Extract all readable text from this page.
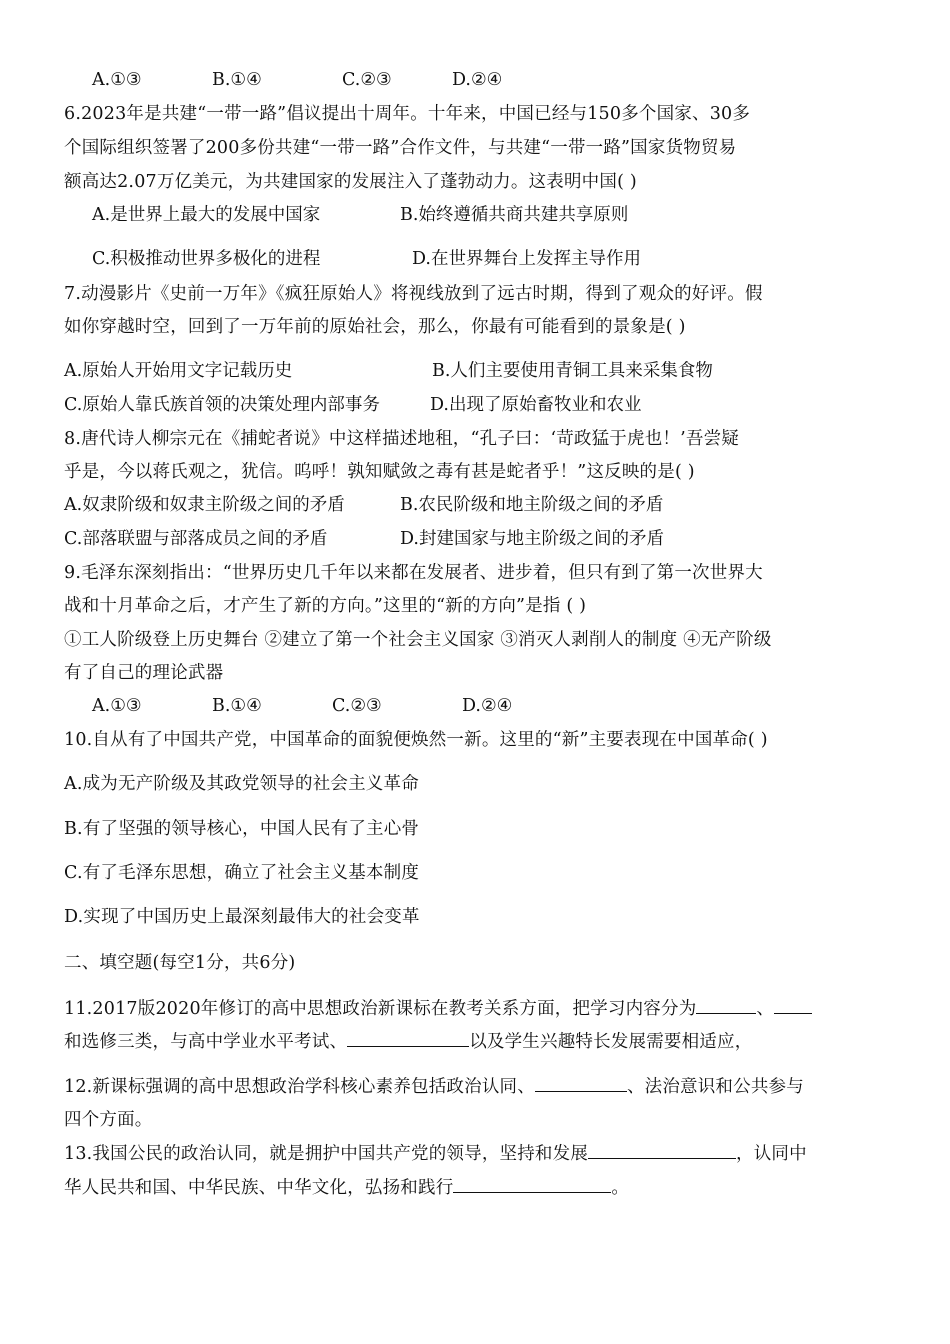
A.①③	B.①④	C.②③	D.②④
6.2023年是共建“一带一路”倡议提出十周年。十年来，中国已经与150多个国家、30多
个国际组织签署了200多份共建“一带一路”合作文件，与共建“一带一路”国家货物贸易
额高达2.07万亿美元，为共建国家的发展注入了蓬勃动力。这表明中国( )
A.是世界上最大的发展中国家	B.始终遵循共商共建共享原则
C.积极推动世界多极化的进程	D.在世界舞台上发挥主导作用
7.动漫影片《史前一万年》《疯狂原始人》将视线放到了远古时期，得到了观众的好评。假
如你穿越时空，回到了一万年前的原始社会，那么，你最有可能看到的景象是( )
A.原始人开始用文字记载历史	B.人们主要使用青铜工具来采集食物
C.原始人靠氏族首领的决策处理内部事务	D.出现了原始畜牧业和农业
8.唐代诗人柳宗元在《捕蛇者说》中这样描述地租，“孔子曰：‘苛政猛于虎也！’吾尝疑
乎是，今以蒋氏观之，犹信。呜呼！孰知赋敛之毒有甚是蛇者乎！”这反映的是( )
A.奴隶阶级和奴隶主阶级之间的矛盾	B.农民阶级和地主阶级之间的矛盾
C.部落联盟与部落成员之间的矛盾	D.封建国家与地主阶级之间的矛盾
9.毛泽东深刻指出：“世界历史几千年以来都在发展者、进步着，但只有到了第一次世界大
战和十月革命之后，才产生了新的方向。”这里的“新的方向”是指 ( )
①工人阶级登上历史舞台 ②建立了第一个社会主义国家 ③消灭人剥削人的制度 ④无产阶级
有了自己的理论武器
A.①③	B.①④	C.②③	D.②④
10.自从有了中国共产党，中国革命的面貌便焕然一新。这里的“新”主要表现在中国革命( )
A.成为无产阶级及其政党领导的社会主义革命
B.有了坚强的领导核心，中国人民有了主心骨
C.有了毛泽东思想，确立了社会主义基本制度
D.实现了中国历史上最深刻最伟大的社会变革
二、填空题(每空1分，共6分)
11.2017版2020年修订的高中思想政治新课标在教考关系方面，把学习内容分为	、
和选修三类，与高中学业水平考试、	以及学生兴趣特长发展需要相适应，
12.新课标强调的高中思想政治学科核心素养包括政治认同、	、法治意识和公共参与
四个方面。
13.我国公民的政治认同，就是拥护中国共产党的领导，坚持和发展	，认同中
华人民共和国、中华民族、中华文化，弘扬和践行	。
